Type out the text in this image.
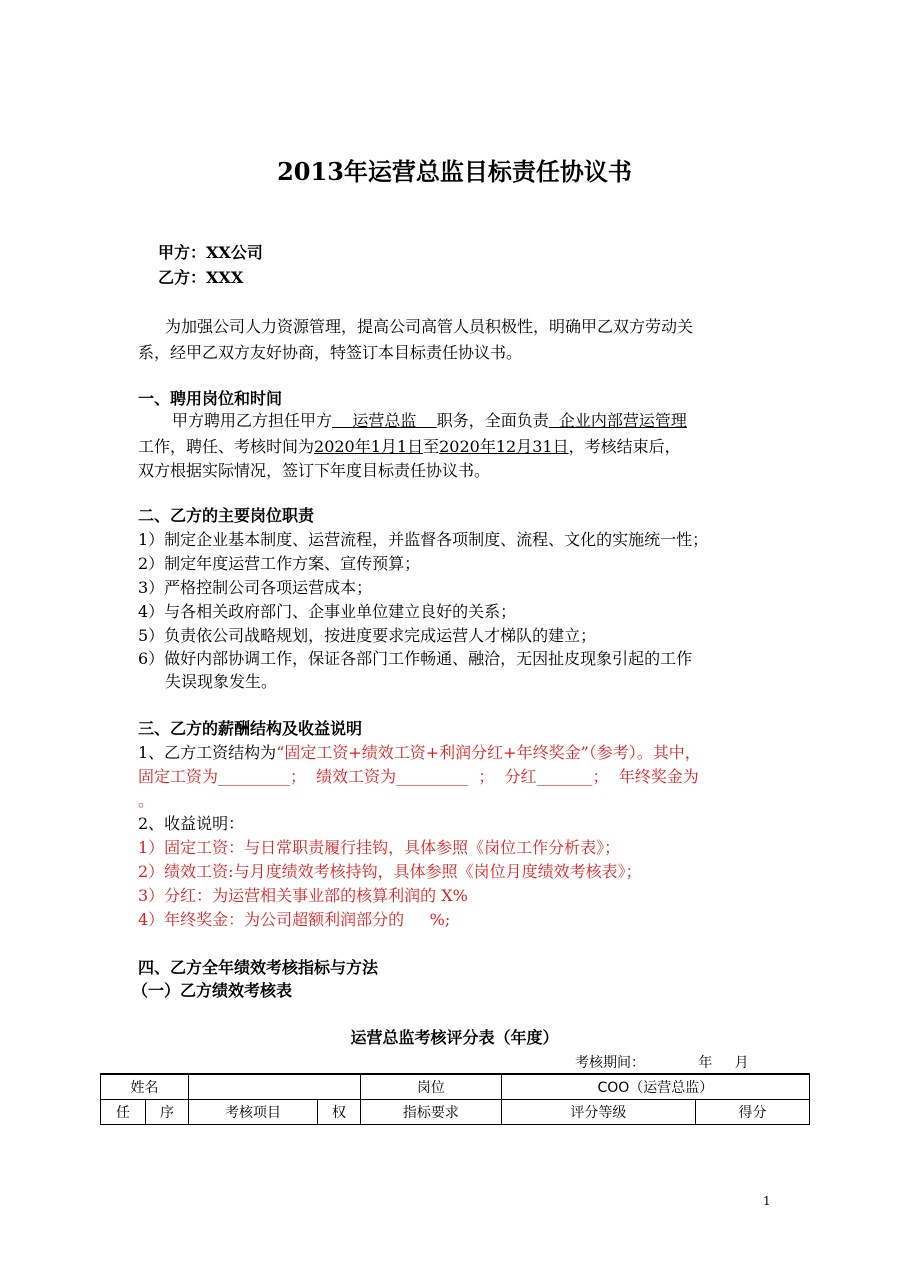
2013年运营总监目标责任协议书
甲方：XX公司
乙方：XXX
为加强公司人力资源管理，提高公司高管人员积极性，明确甲乙双方劳动关
系，经甲乙双方友好协商，特签订本目标责任协议书。
一、聘用岗位和时间
甲方聘用乙方担任甲方    运营总监    职务，全面负责  企业内部营运管理
工作，聘任、考核时间为2020年1月1日至2020年12月31日，考核结束后，
双方根据实际情况，签订下年度目标责任协议书。
二、乙方的主要岗位职责
1）制定企业基本制度、运营流程，并监督各项制度、流程、文化的实施统一性；
2）制定年度运营工作方案、宣传预算；
3）严格控制公司各项运营成本；
4）与各相关政府部门、企事业单位建立良好的关系；
5）负责依公司战略规划，按进度要求完成运营人才梯队的建立；
6）做好内部协调工作，保证各部门工作畅通、融洽，无因扯皮现象引起的工作
失误现象发生。
三、乙方的薪酬结构及收益说明
1、乙方工资结构为“固定工资+绩效工资+利润分红+年终奖金”（参考）。其中，
固定工资为_________；  绩效工资为_________  ；  分红_______；  年终奖金为
。
2、收益说明：
1）固定工资：与日常职责履行挂钩，具体参照《岗位工作分析表》；
2）绩效工资:与月度绩效考核持钩，具体参照《岗位月度绩效考核表》；
3）分红：为运营相关事业部的核算利润的 X%
4）年终奖金：为公司超额利润部分的     %;
四、乙方全年绩效考核指标与方法
（一）乙方绩效考核表
运营总监考核评分表（年度）
考核期间：            年     月
姓名				岗位	COO（运营总监）	
任	序	考核项目	权	指标要求	评分等级	得分
1
